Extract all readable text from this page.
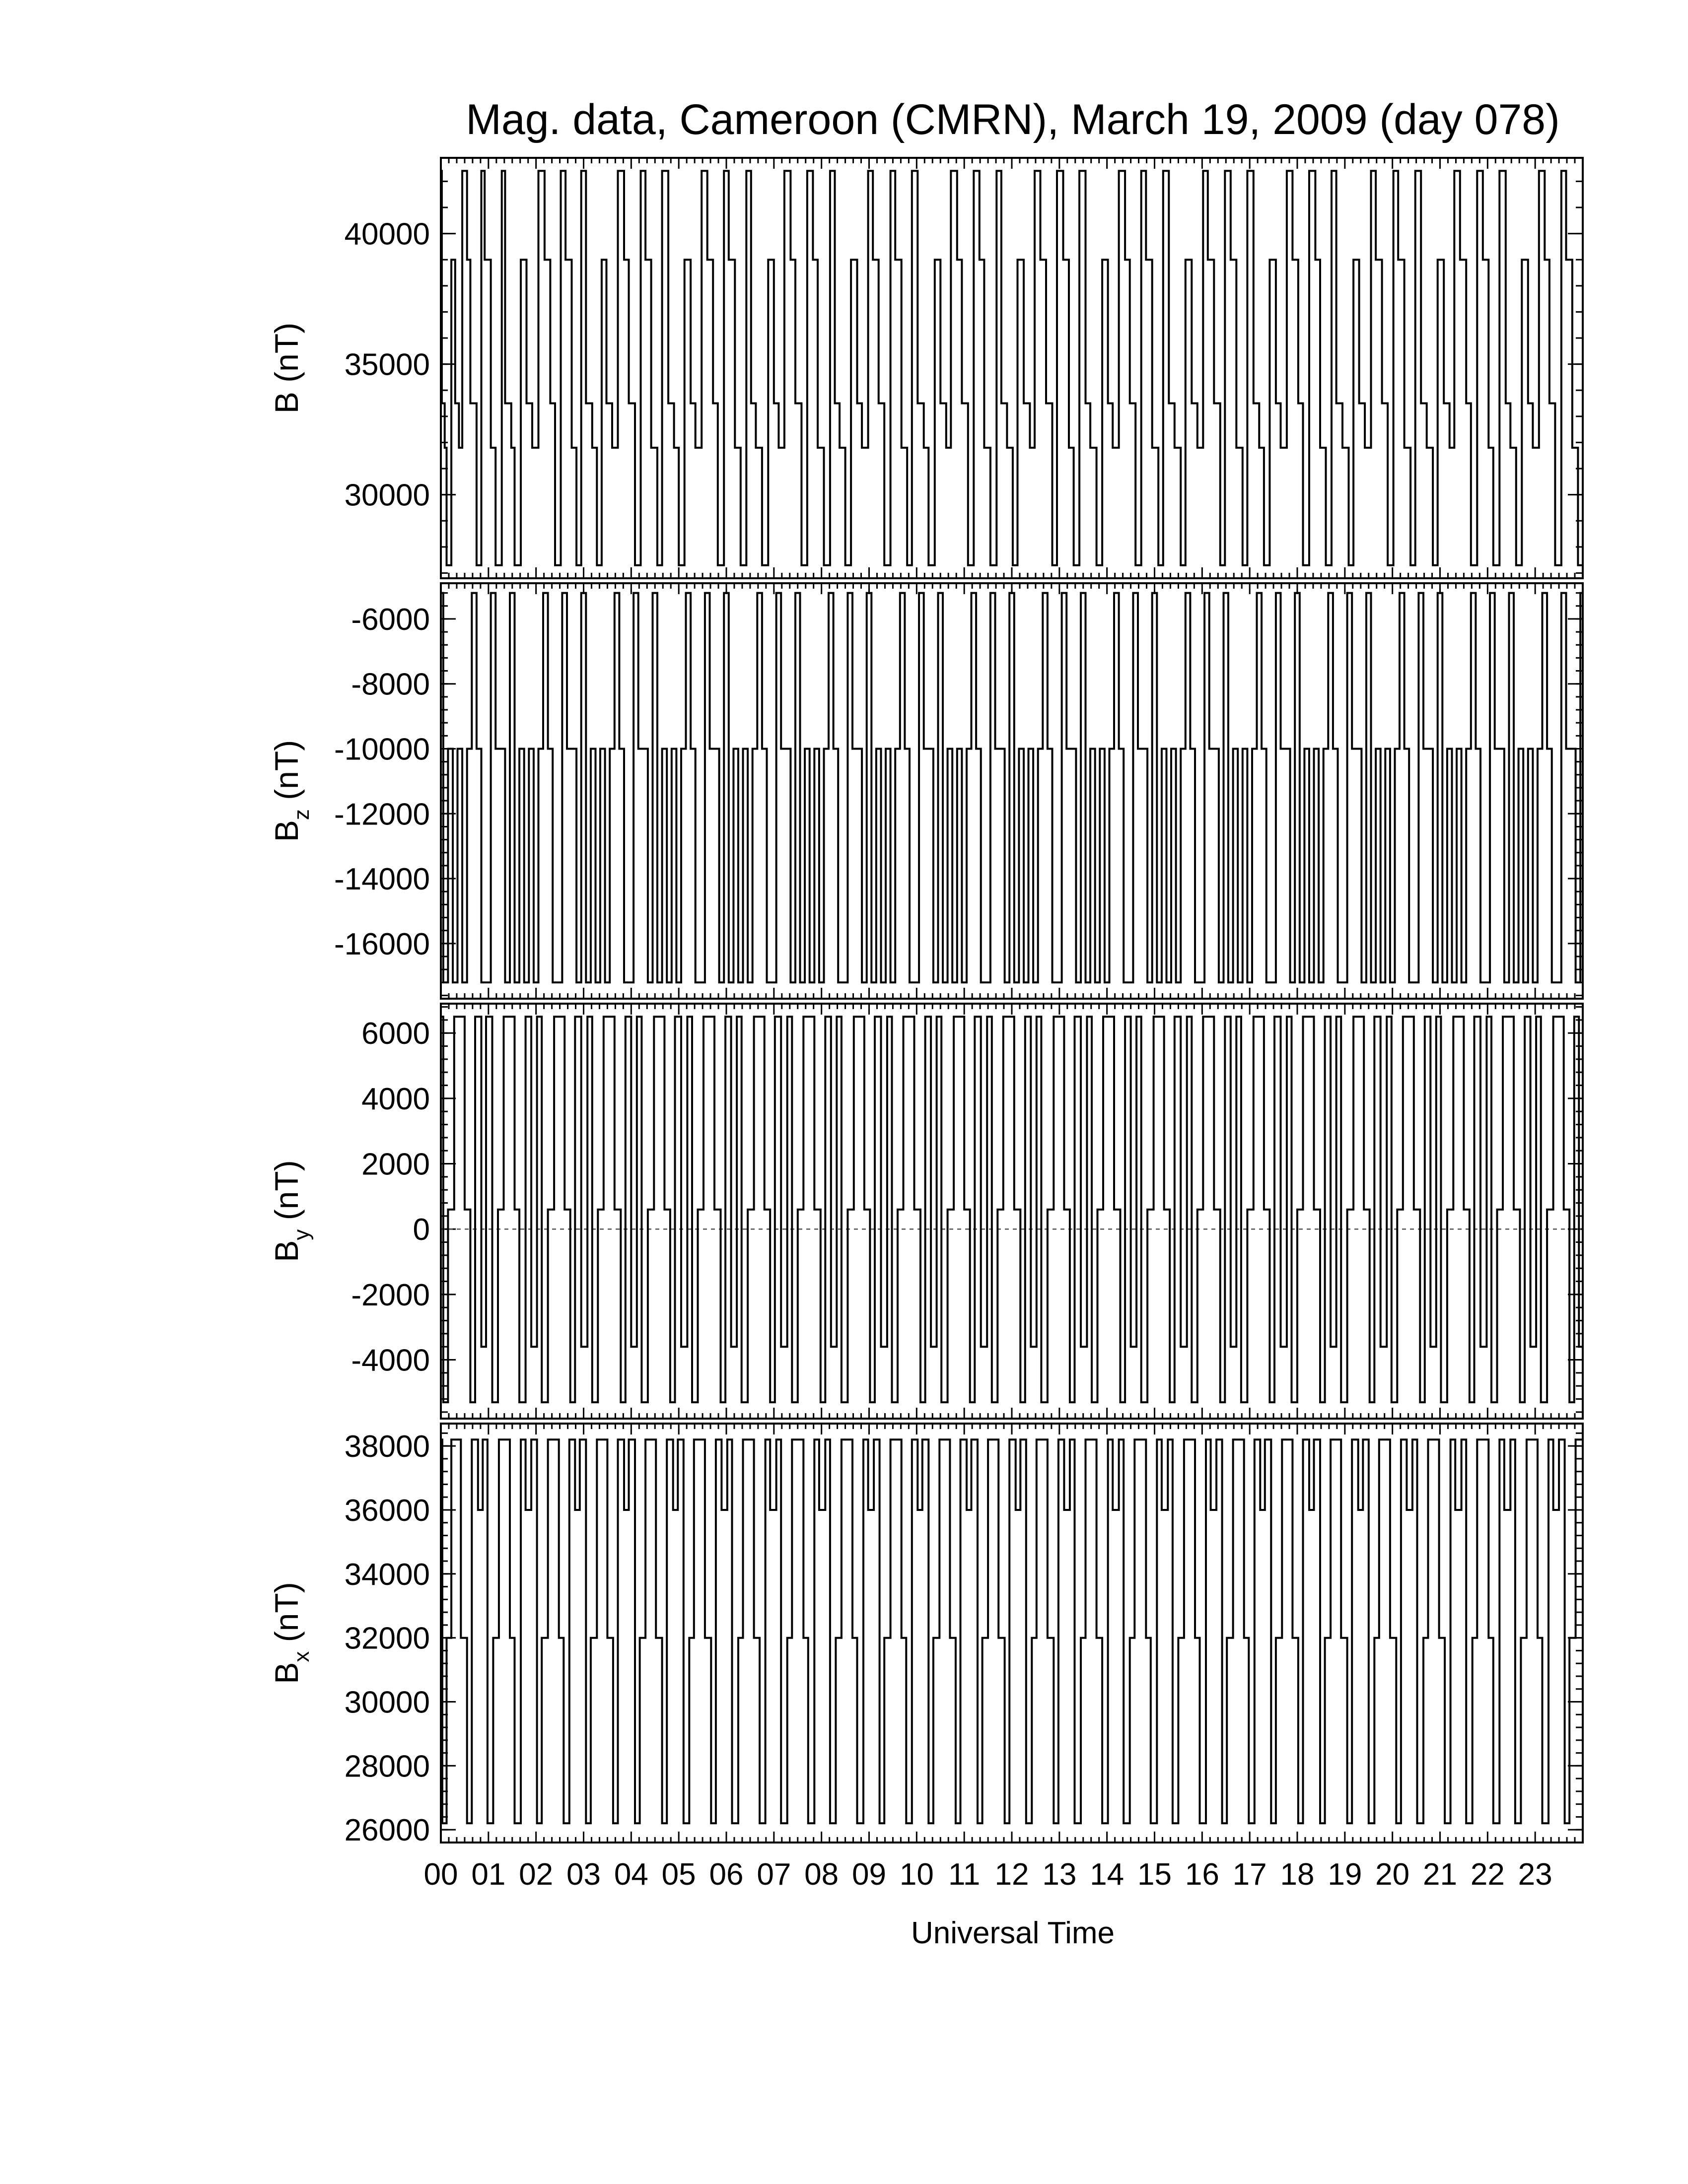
Mag. data, Cameroon (CMRN), March 19, 2009 (day 078)
30000
35000
40000
B (nT)
-16000
-14000
-12000
-10000
-8000
-6000
$B_z$ (nT)
-4000
-2000
0
2000
4000
6000
$B_y$ (nT)
26000
28000
30000
32000
34000
36000
38000
$B_x$ (nT)
00 01 02 03 04 05 06 07 08 09 10 11 12 13 14 15 16 17 18 19 20 21 22 23
Universal Time
